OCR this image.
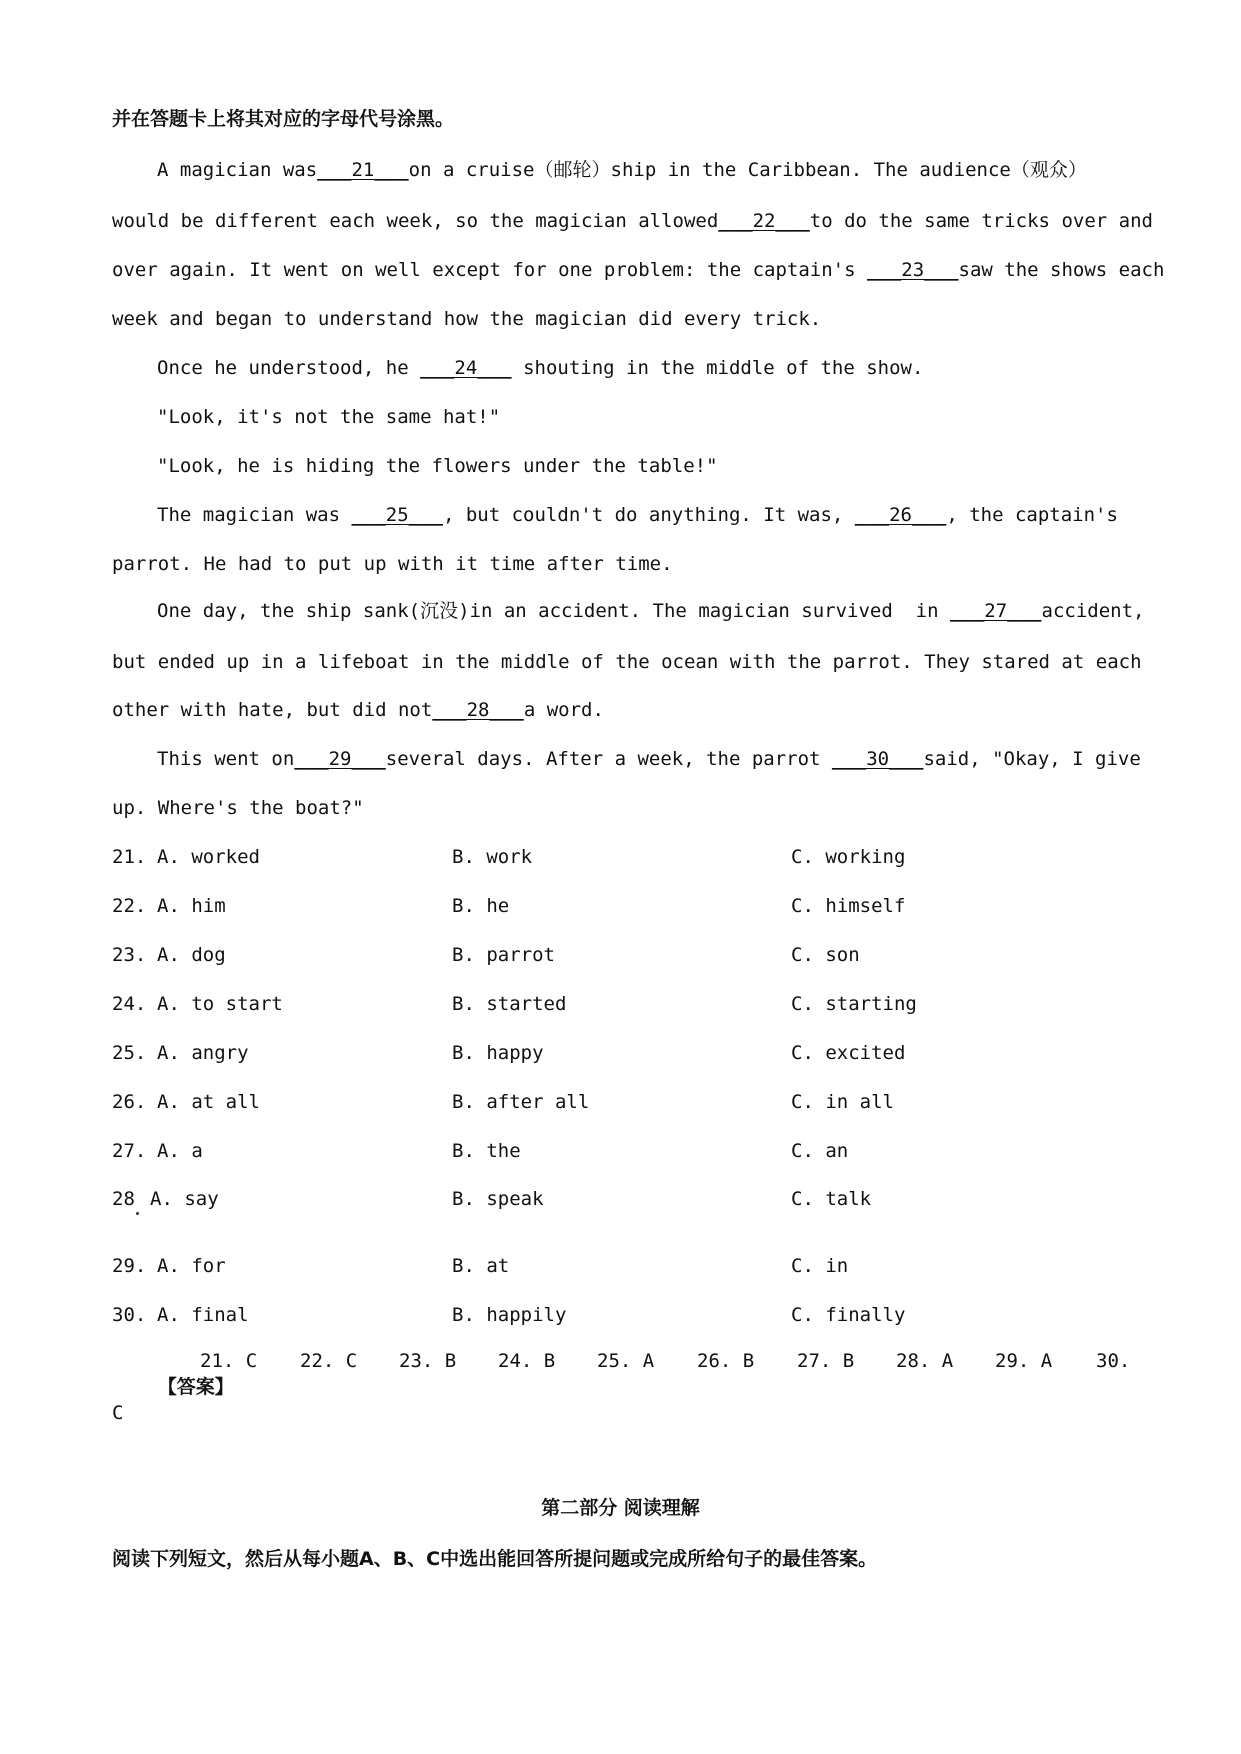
并在答题卡上将其对应的字母代号涂黑。
A magician was___21___on a cruise（邮轮）ship in the Caribbean. The audience（观众）
would be different each week, so the magician allowed___22___to do the same tricks over and
over again. It went on well except for one problem: the captain's ___23___saw the shows each
week and began to understand how the magician did every trick.
Once he understood, he ___24___ shouting in the middle of the show.
"Look, it's not the same hat!"
"Look, he is hiding the flowers under the table!"
The magician was ___25___, but couldn't do anything. It was, ___26___, the captain's
parrot. He had to put up with it time after time.
One day, the ship sank(沉没)in an accident. The magician survived  in ___27___accident,
but ended up in a lifeboat in the middle of the ocean with the parrot. They stared at each
other with hate, but did not___28___a word.
This went on___29___several days. After a week, the parrot ___30___said, "Okay, I give
up. Where's the boat?"
21. A. worked	B. work	C. working
22. A. him	B. he	C. himself
23. A. dog	B. parrot	C. son
24. A. to start	B. started	C. starting
25. A. angry	B. happy	C. excited
26. A. at all	B. after all	C. in all
27. A. a	B. the	C. an
28 A. say	B. speak	C. talk
29. A. for	B. at	C. in
30. A. final	B. happily	C. finally

【答案】

21. C 22. C 23. B 24. B 25. A 26. B 27. B 28. A 29. A 30.
C
第二部分 阅读理解
阅读下列短文，然后从每小题A、B、C中选出能回答所提问题或完成所给句子的最佳答案。
